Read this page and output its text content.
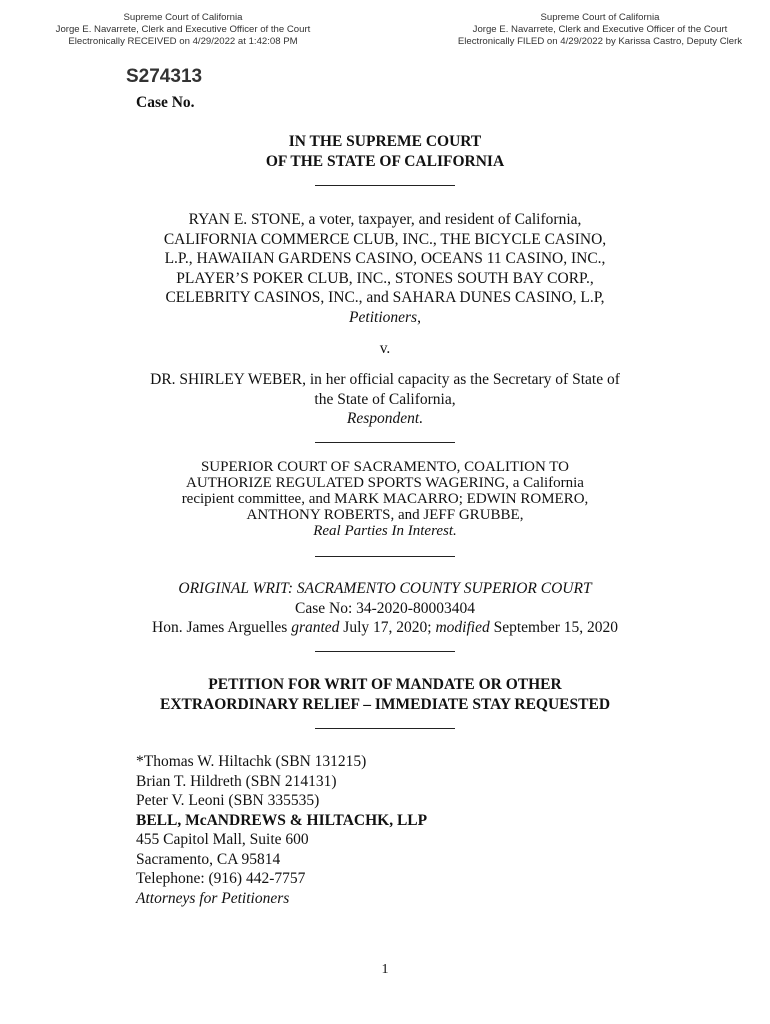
Supreme Court of California
Jorge E. Navarrete, Clerk and Executive Officer of the Court
Electronically RECEIVED on 4/29/2022 at 1:42:08 PM
Supreme Court of California
Jorge E. Navarrete, Clerk and Executive Officer of the Court
Electronically FILED on 4/29/2022 by Karissa Castro, Deputy Clerk
S274313
Case No.
IN THE SUPREME COURT
OF THE STATE OF CALIFORNIA
RYAN E. STONE, a voter, taxpayer, and resident of California,
CALIFORNIA COMMERCE CLUB, INC., THE BICYCLE CASINO,
L.P., HAWAIIAN GARDENS CASINO, OCEANS 11 CASINO, INC.,
PLAYER’S POKER CLUB, INC., STONES SOUTH BAY CORP.,
CELEBRITY CASINOS, INC., and SAHARA DUNES CASINO, L.P,
Petitioners,
v.
DR. SHIRLEY WEBER, in her official capacity as the Secretary of State of
the State of California,
Respondent.
SUPERIOR COURT OF SACRAMENTO, COALITION TO
AUTHORIZE REGULATED SPORTS WAGERING, a California
recipient committee, and MARK MACARRO; EDWIN ROMERO,
ANTHONY ROBERTS, and JEFF GRUBBE,
Real Parties In Interest.
ORIGINAL WRIT: SACRAMENTO COUNTY SUPERIOR COURT
Case No: 34-2020-80003404
Hon. James Arguelles granted July 17, 2020; modified September 15, 2020
PETITION FOR WRIT OF MANDATE OR OTHER
EXTRAORDINARY RELIEF – IMMEDIATE STAY REQUESTED
*Thomas W. Hiltachk (SBN 131215)
Brian T. Hildreth (SBN 214131)
Peter V. Leoni (SBN 335535)
BELL, McANDREWS & HILTACHK, LLP
455 Capitol Mall, Suite 600
Sacramento, CA 95814
Telephone: (916) 442-7757
Attorneys for Petitioners
1
